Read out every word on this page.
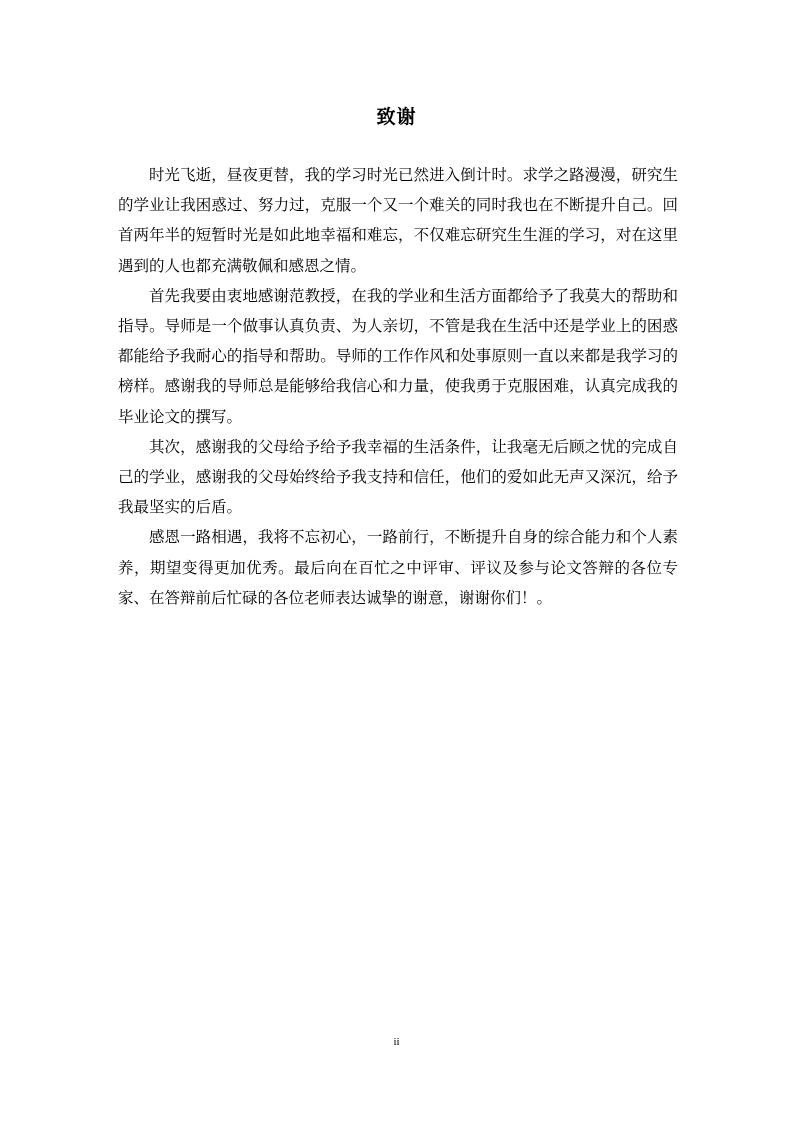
致谢

时光飞逝，昼夜更替，我的学习时光已然进入倒计时。求学之路漫漫，研究生的学业让我困惑过、努力过，克服一个又一个难关的同时我也在不断提升自己。回首两年半的短暂时光是如此地幸福和难忘，不仅难忘研究生生涯的学习，对在这里遇到的人也都充满敬佩和感恩之情。

首先我要由衷地感谢范教授，在我的学业和生活方面都给予了我莫大的帮助和指导。导师是一个做事认真负责、为人亲切，不管是我在生活中还是学业上的困惑都能给予我耐心的指导和帮助。导师的工作作风和处事原则一直以来都是我学习的榜样。感谢我的导师总是能够给我信心和力量，使我勇于克服困难，认真完成我的毕业论文的撰写。

其次，感谢我的父母给予给予我幸福的生活条件，让我毫无后顾之忧的完成自己的学业，感谢我的父母始终给予我支持和信任，他们的爱如此无声又深沉，给予我最坚实的后盾。

感恩一路相遇，我将不忘初心，一路前行，不断提升自身的综合能力和个人素养，期望变得更加优秀。最后向在百忙之中评审、评议及参与论文答辩的各位专家、在答辩前后忙碌的各位老师表达诚挚的谢意，谢谢你们！。

ii
